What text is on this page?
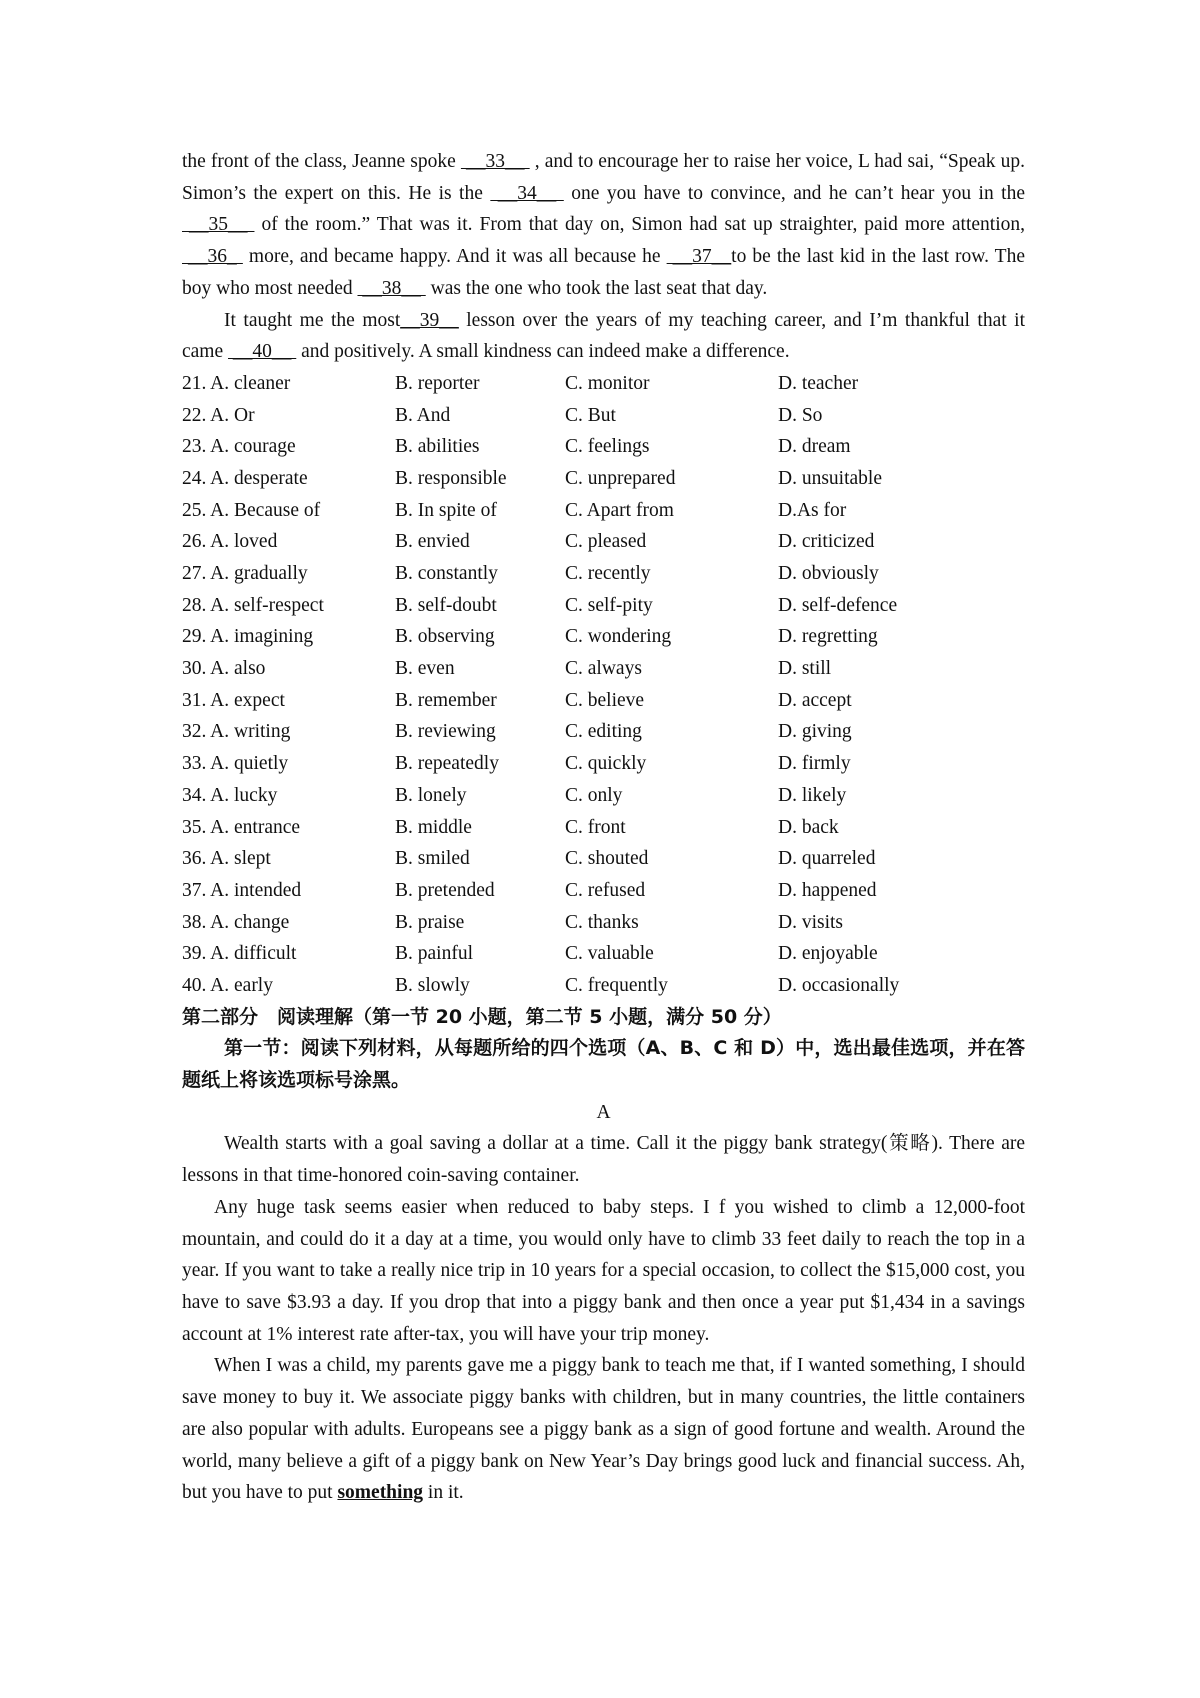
the front of the class, Jeanne spoke  __33__  , and to encourage her to raise her voice, L had sai, “Speak up. Simon’s the expert on this. He is the  __34__  one you have to convince, and he can’t hear you in the  __35__  of the room.” That was it. From that day on, Simon had sat up straighter, paid more attention,  __36_  more, and became happy. And it was all because he  __37__to be the last kid in the last row. The boy who most needed  __38__  was the one who took the last seat that day.

It taught me the most__39__ lesson over the years of my teaching career, and I’m thankful that it came  __40__  and positively. A small kindness can indeed make a difference.

21. A. cleaner	B. reporter	C. monitor	D. teacher
22. A. Or	B. And	C. But	D. So
23. A. courage	B. abilities	C. feelings	D. dream
24. A. desperate	B. responsible	C. unprepared	D. unsuitable
25. A. Because of	B. In spite of	C. Apart from	D.As for
26. A. loved	B. envied	C. pleased	D. criticized
27. A. gradually	B. constantly	C. recently	D. obviously
28. A. self-respect	B. self-doubt	C. self-pity	D. self-defence
29. A. imagining	B. observing	C. wondering	D. regretting
30. A. also	B. even	C. always	D. still
31. A. expect	B. remember	C. believe	D. accept
32. A. writing	B. reviewing	C. editing	D. giving
33. A. quietly	B. repeatedly	C. quickly	D. firmly
34. A. lucky	B. lonely	C. only	D. likely
35. A. entrance	B. middle	C. front	D. back
36. A. slept	B. smiled	C. shouted	D. quarreled
37. A. intended	B. pretended	C. refused	D. happened
38. A. change	B. praise	C. thanks	D. visits
39. A. difficult	B. painful	C. valuable	D. enjoyable
40. A. early	B. slowly	C. frequently	D. occasionally

第二部分　阅读理解（第一节 20 小题，第二节 5 小题，满分 50 分）

第一节：阅读下列材料，从每题所给的四个选项（A、B、C 和 D）中，选出最佳选项，并在答题纸上将该选项标号涂黑。

A

Wealth starts with a goal saving a dollar at a time. Call it the piggy bank strategy(策略). There are lessons in that time-honored coin-saving container.

Any huge task seems easier when reduced to baby steps. I f you wished to climb a 12,000-foot mountain, and could do it a day at a time, you would only have to climb 33 feet daily to reach the top in a year. If you want to take a really nice trip in 10 years for a special occasion, to collect the $15,000 cost, you have to save $3.93 a day. If you drop that into a piggy bank and then once a year put $1,434 in a savings account at 1% interest rate after-tax, you will have your trip money.

When I was a child, my parents gave me a piggy bank to teach me that, if I wanted something, I should save money to buy it. We associate piggy banks with children, but in many countries, the little containers are also popular with adults. Europeans see a piggy bank as a sign of good fortune and wealth. Around the world, many believe a gift of a piggy bank on New Year’s Day brings good luck and financial success. Ah, but you have to put something in it.
